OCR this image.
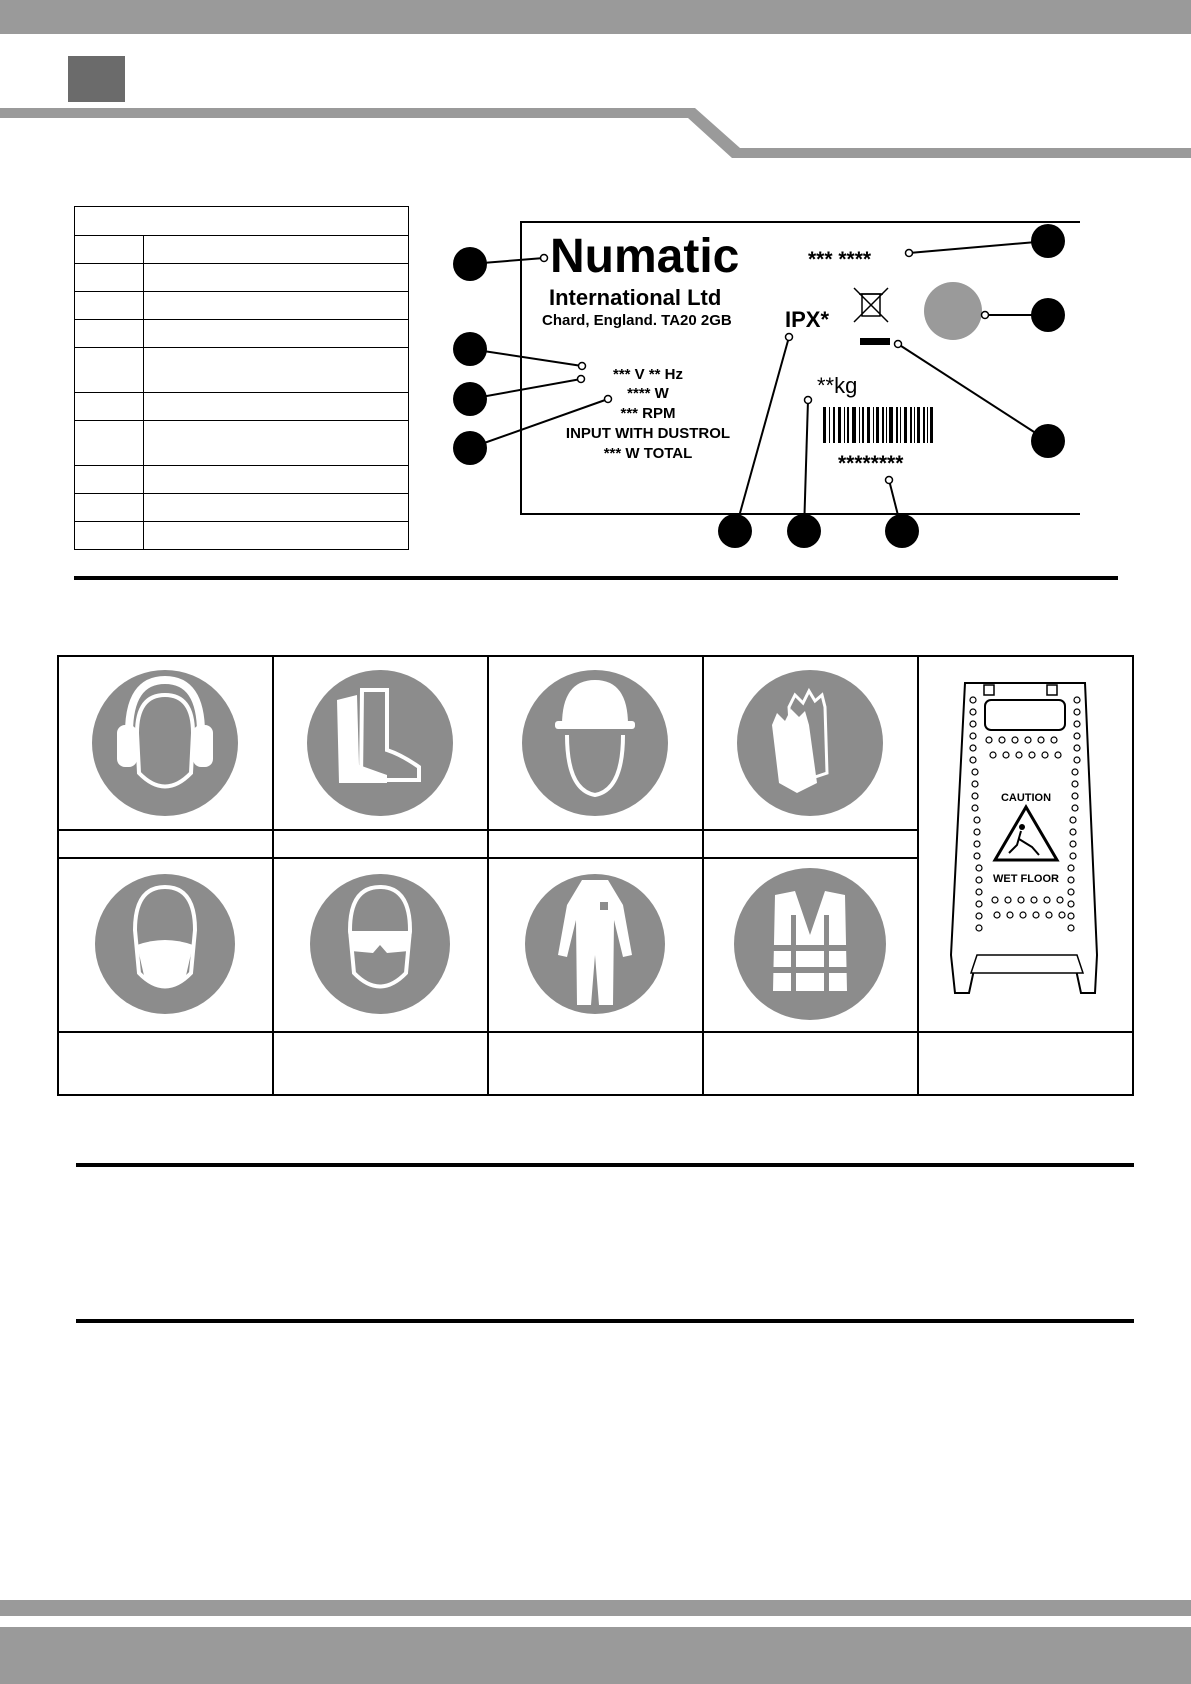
Numatic
International Ltd
Chard, England. TA20 2GB
*** ****
IPX*
*** V ** Hz
**** W
*** RPM
INPUT WITH DUSTROL
*** W TOTAL
**kg
********
CAUTION
WET FLOOR
